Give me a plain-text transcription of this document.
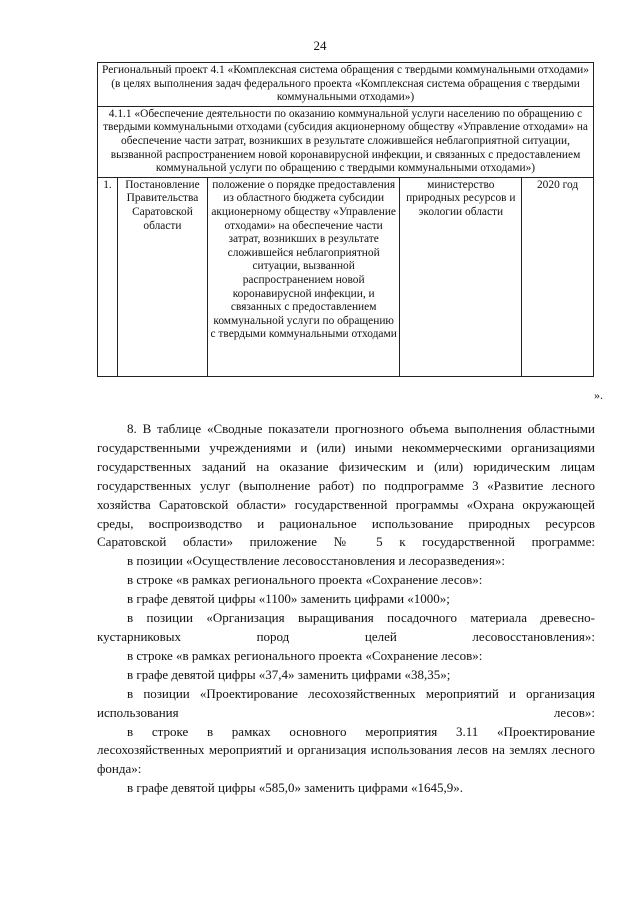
24
Региональный проект 4.1 «Комплексная система обращения с твердыми коммунальными отходами» (в целях выполнения задач федерального проекта «Комплексная система обращения с твердыми коммунальными отходами»)
4.1.1 «Обеспечение деятельности по оказанию коммунальной услуги населению по обращению с твердыми коммунальными отходами (субсидия акционерному обществу «Управление отходами» на обеспечение части затрат, возникших в результате сложившейся неблагоприятной ситуации, вызванной распространением новой коронавирусной инфекции, и связанных с предоставлением коммунальной услуги по обращению с твердыми коммунальными отходами»)
1.	Постановление Правительства Саратовской области	положение о порядке предоставления из областного бюджета субсидии акционерному обществу «Управление отходами» на обеспечение части затрат, возникших в результате сложившейся неблагоприятной ситуации, вызванной распространением новой коронавирусной инфекции, и связанных с предоставлением коммунальной услуги по обращению с твердыми коммунальными отходами	министерство природных ресурсов и экологии области	2020 год
».

8. В таблице «Сводные показатели прогнозного объема выполнения областными государственными учреждениями и (или) иными некоммерческими организациями государственных заданий на оказание физическим и (или) юридическим лицам государственных услуг (выполнение работ) по подпрограмме 3 «Развитие лесного хозяйства Саратовской области» государственной программы «Охрана окружающей среды, воспроизводство и рациональное использование природных ресурсов Саратовской области» приложение № 5 к государственной программе:

в позиции «Осуществление лесовосстановления и лесоразведения»:

в строке «в рамках регионального проекта «Сохранение лесов»:

в графе девятой цифры «1100» заменить цифрами «1000»;

в позиции «Организация выращивания посадочного материала древесно-кустарниковых пород целей лесовосстановления»:

в строке «в рамках регионального проекта «Сохранение лесов»:

в графе девятой цифры «37,4» заменить цифрами «38,35»;

в позиции «Проектирование лесохозяйственных мероприятий и организация использования лесов»:

в строке в рамках основного мероприятия 3.11 «Проектирование лесохозяйственных мероприятий и организация использования лесов на землях лесного фонда»:

в графе девятой цифры «585,0» заменить цифрами «1645,9».
